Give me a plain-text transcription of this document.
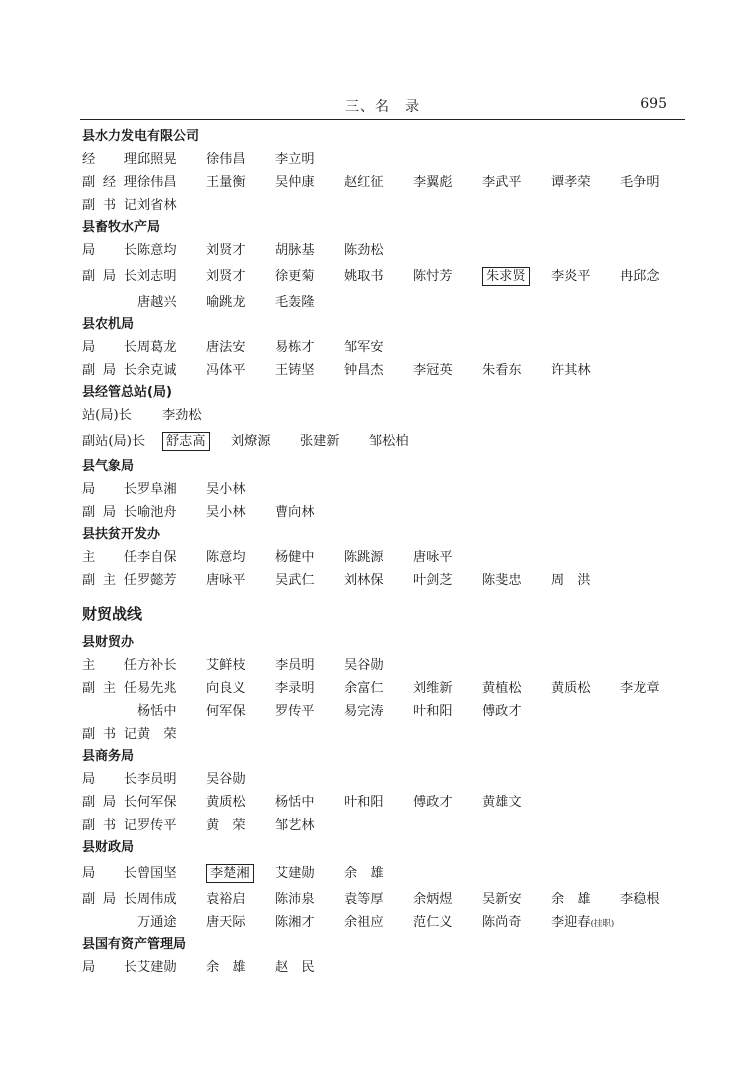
三、名　录	695
县水力发电有限公司
经　理 邱照晃	徐伟昌	李立明
副经理 徐伟昌	王量衡	吴仲康	赵红征	李翼彪	李武平	谭孝荣	毛争明
副书记 刘省林
县畜牧水产局
局　长 陈意均	刘贤才	胡脉基	陈劲松
副局长 刘志明	刘贤才	徐更菊	姚取书	陈忖芳	朱求贤	李炎平	冉邱念
唐越兴	喻跳龙	毛轰隆
县农机局
局　长 周葛龙	唐法安	易栋才	邹军安
副局长 余克诚	冯体平	王铸坚	钟昌杰	李冠英	朱看东	许其林
县经管总站(局)
站(局)长	李劲松
副站(局)长	舒志高	刘燎源	张建新	邹松柏
县气象局
局　长 罗阜湘	吴小林
副局长 喻池舟	吴小林	曹向林
县扶贫开发办
主　任 李自保	陈意均	杨健中	陈跳源	唐咏平
副主任 罗懿芳	唐咏平	吴武仁	刘林保	叶剑芝	陈斐忠	周　洪
财贸战线
县财贸办
主　任 方补长	艾鲜枝	李员明	吴谷勋
副主任 易先兆	向良义	李录明	余富仁	刘维新	黄植松	黄质松	李龙章
杨恬中	何军保	罗传平	易完涛	叶和阳	傅政才
副书记 黄　荣
县商务局
局　长 李员明	吴谷勋
副局长 何军保	黄质松	杨恬中	叶和阳	傅政才	黄雄文
副书记 罗传平	黄　荣	邹艺林
县财政局
局　长 曾国坚	李楚湘	艾建勋	余　雄
副局长 周伟成	袁裕启	陈沛泉	袁等厚	余炳煜	吴新安	余　雄	李稳根
万通途	唐天际	陈湘才	余祖应	范仁义	陈尚奇	李迎春(挂职)
县国有资产管理局
局　长 艾建勋	余　雄	赵　民
